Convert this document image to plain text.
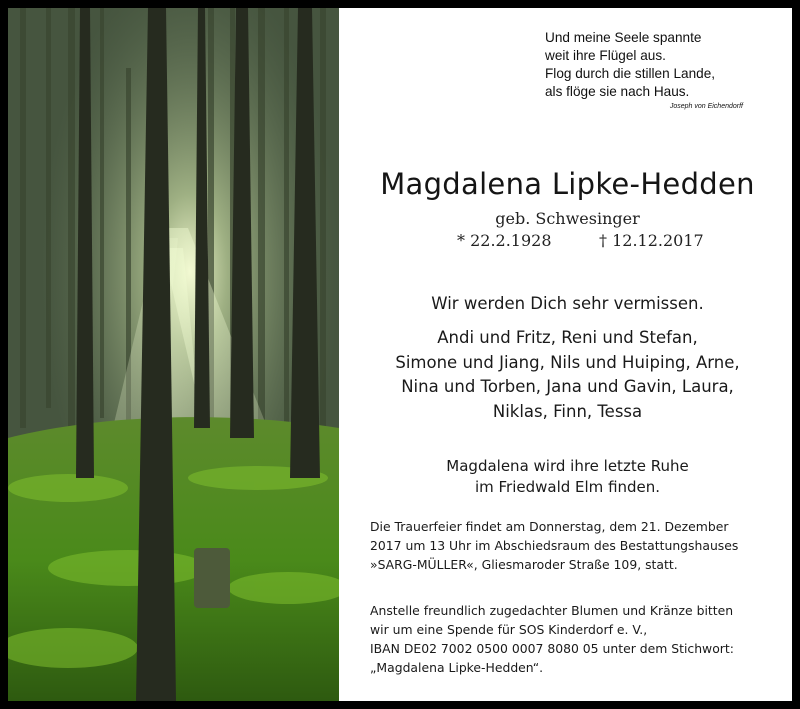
Und meine Seele spannte
weit ihre Flügel aus.
Flog durch die stillen Lande,
als flöge sie nach Haus.
Joseph von Eichendorff
Magdalena Lipke-Hedden
geb. Schwesinger
* 22.2.1928	† 12.12.2017
Wir werden Dich sehr vermissen.
Andi und Fritz, Reni und Stefan,
Simone und Jiang, Nils und Huiping, Arne,
Nina und Torben, Jana und Gavin, Laura,
Niklas, Finn, Tessa
Magdalena wird ihre letzte Ruhe
im Friedwald Elm finden.
Die Trauerfeier findet am Donnerstag, dem 21. Dezember
2017 um 13 Uhr im Abschiedsraum des Bestattungshauses
»SARG-MÜLLER«, Gliesmaroder Straße 109, statt.
Anstelle freundlich zugedachter Blumen und Kränze bitten
wir um eine Spende für SOS Kinderdorf e. V.,
IBAN DE02 7002 0500 0007 8080 05 unter dem Stichwort:
„Magdalena Lipke-Hedden“.
